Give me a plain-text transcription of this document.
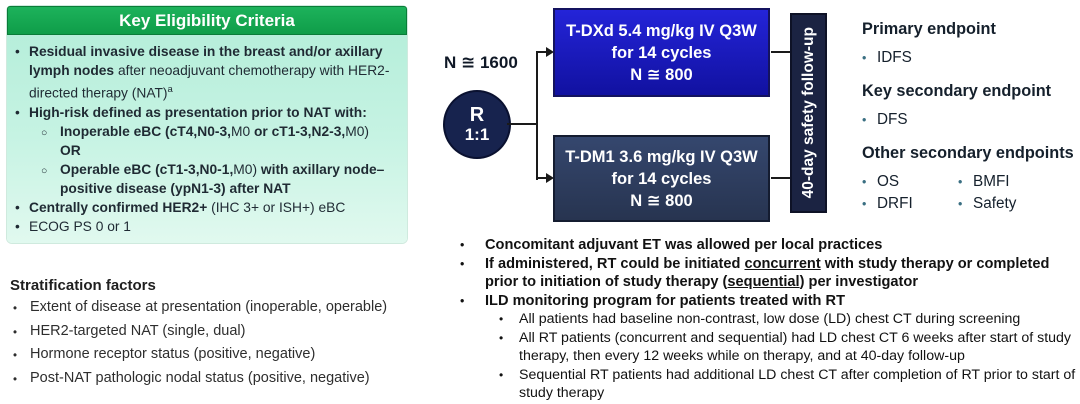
Key Eligibility Criteria
• Residual invasive disease in the breast and/or axillary lymph nodes after neoadjuvant chemotherapy with HER2-directed therapy (NAT)$^a$
• High-risk defined as presentation prior to NAT with:
○ Inoperable eBC (cT4,N0-3,M0 or cT1-3,N2-3,M0)
OR
○ Operable eBC (cT1-3,N0-1,M0) with axillary node–positive disease (ypN1-3) after NAT
• Centrally confirmed HER2+ (IHC 3+ or ISH+) eBC
• ECOG PS 0 or 1
Stratification factors
• Extent of disease at presentation (inoperable, operable)
• HER2-targeted NAT (single, dual)
• Hormone receptor status (positive, negative)
• Post-NAT pathologic nodal status (positive, negative)
N ≅ 1600
R
1:1
T-DXd 5.4 mg/kg IV Q3W
for 14 cycles
N ≅ 800
T-DM1 3.6 mg/kg IV Q3W
for 14 cycles
N ≅ 800
40-day safety follow-up	Primary endpoint
• IDFS
Key secondary endpoint
• DFS
Other secondary endpoints
• OS	• BMFI
• DRFI	• Safety
•	Concomitant adjuvant ET was allowed per local practices
•	If administered, RT could be initiated concurrent with study therapy or completed prior to initiation of study therapy (sequential) per investigator
•	ILD monitoring program for patients treated with RT
•	All patients had baseline non-contrast, low dose (LD) chest CT during screening
•	All RT patients (concurrent and sequential) had LD chest CT 6 weeks after start of study therapy, then every 12 weeks while on therapy, and at 40-day follow-up
•	Sequential RT patients had additional LD chest CT after completion of RT prior to start of study therapy
